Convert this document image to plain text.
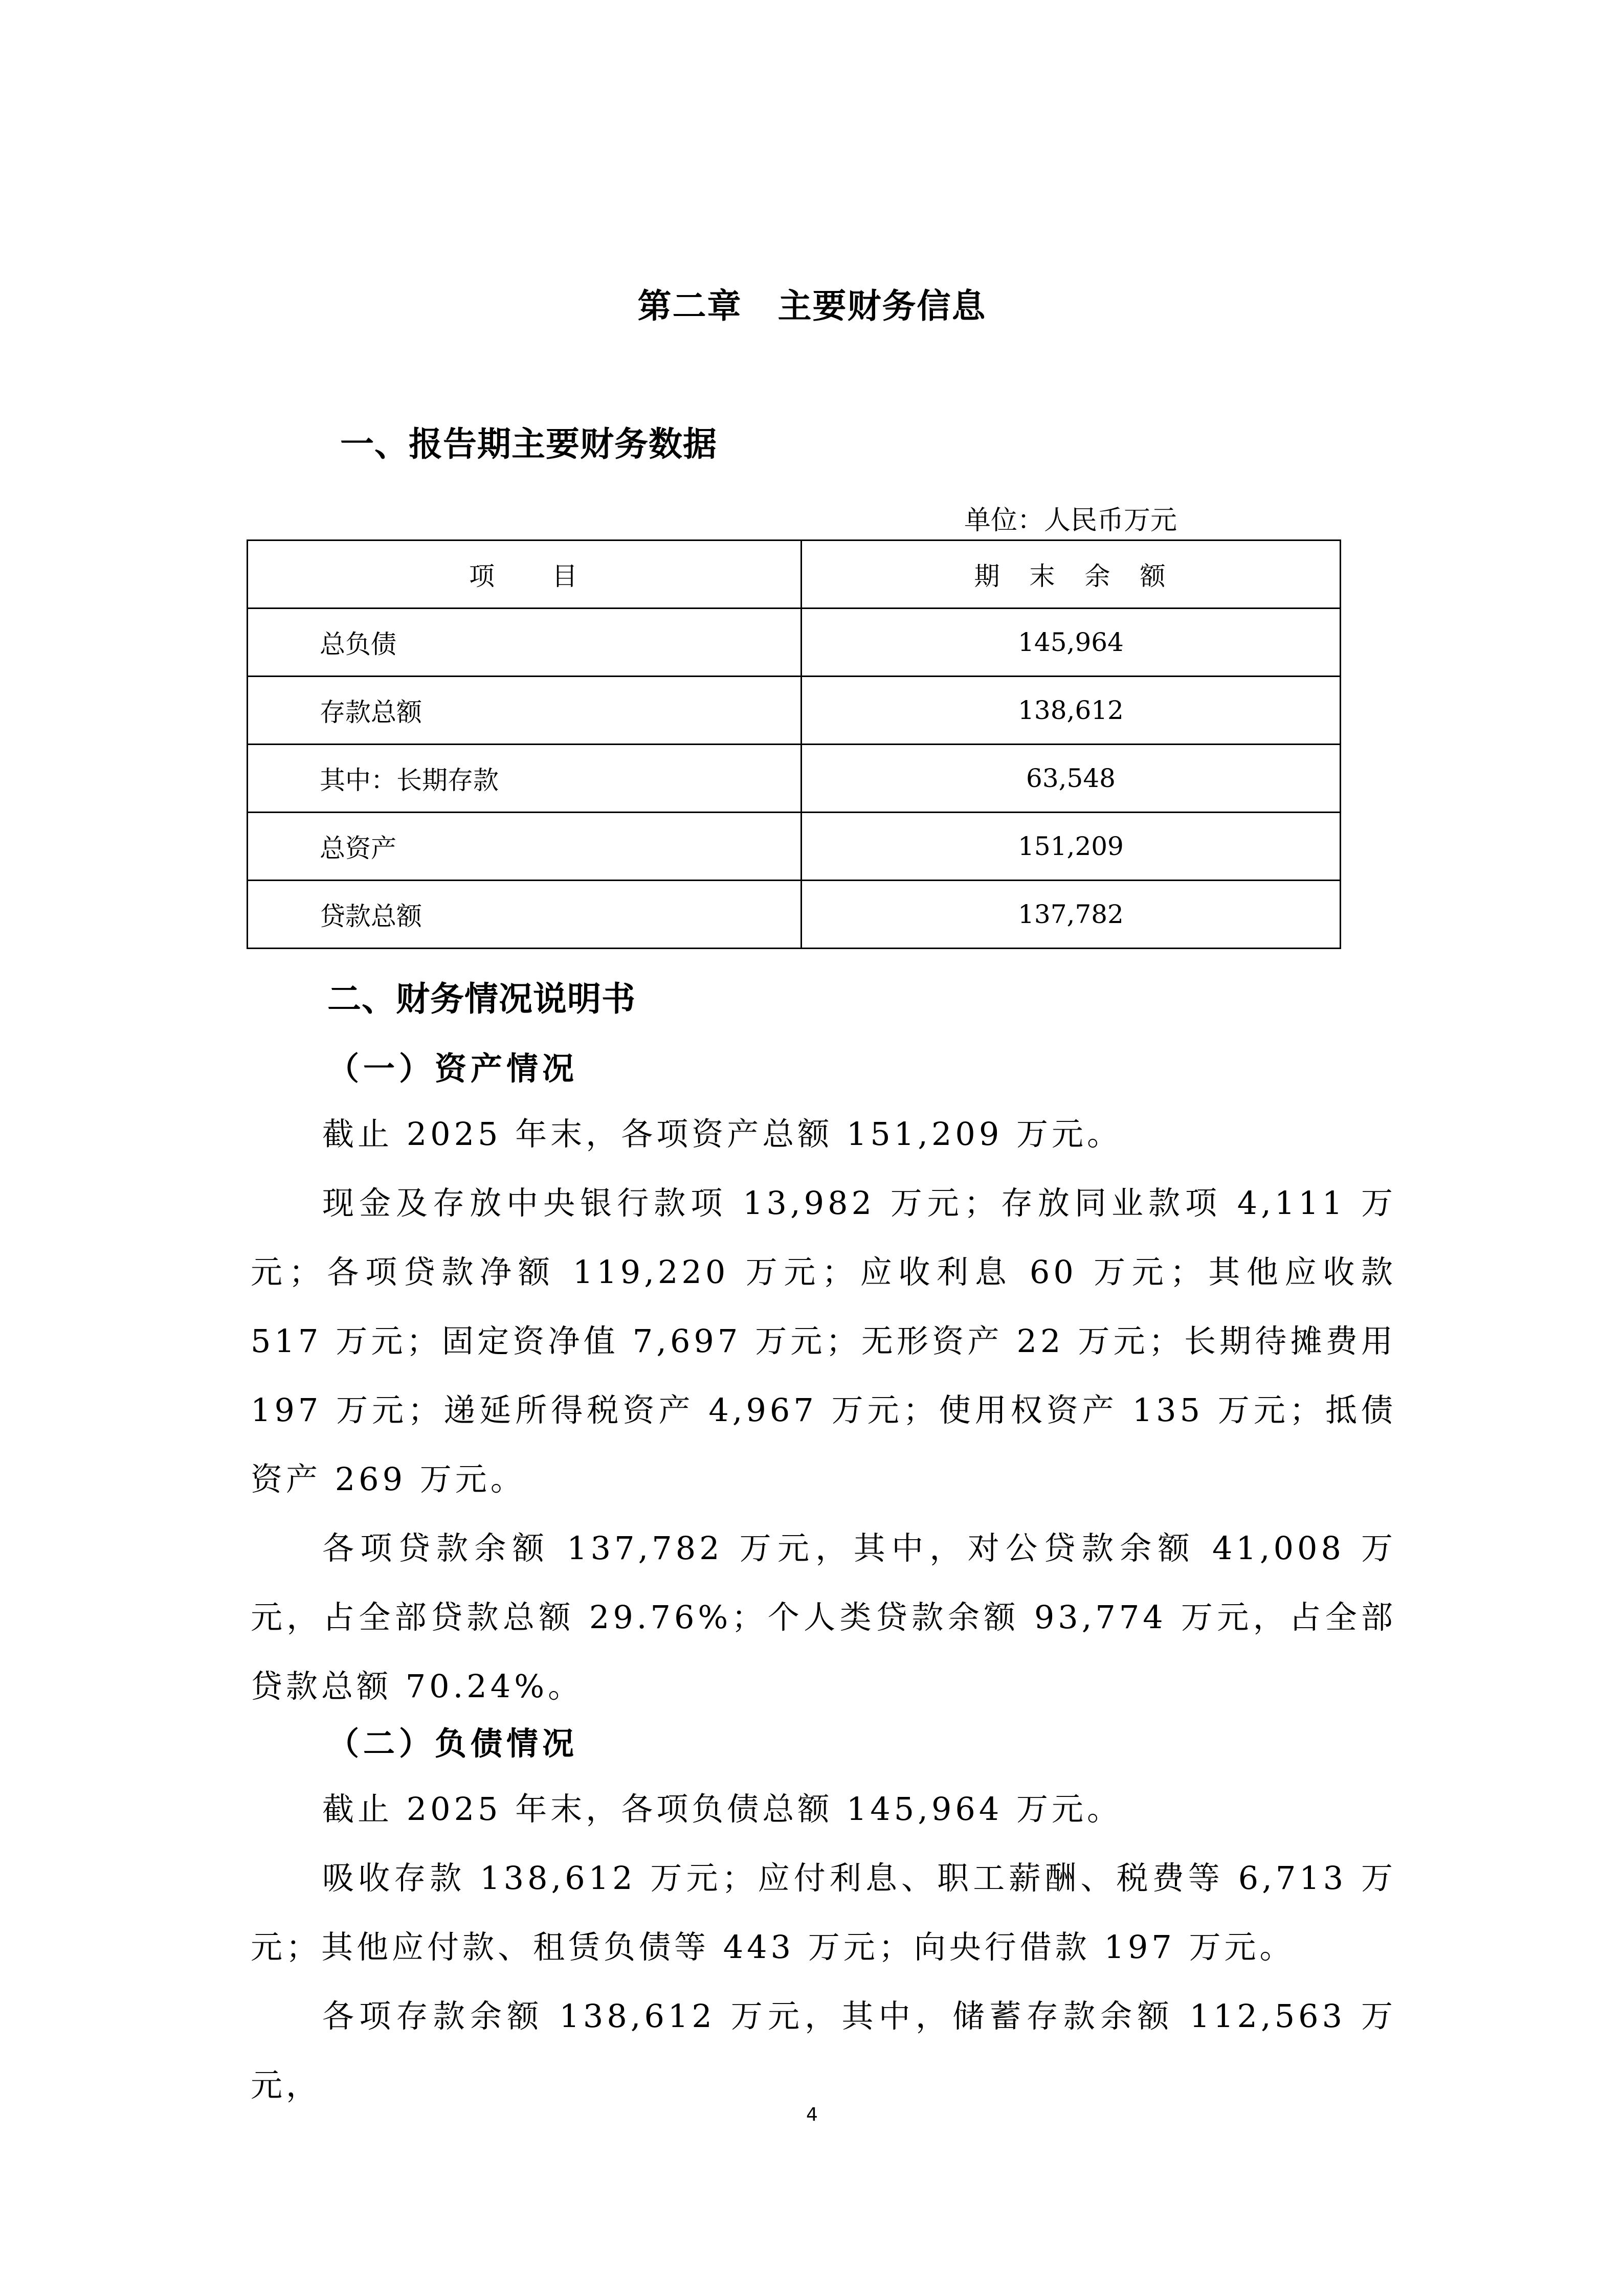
第二章 主要财务信息
一、报告期主要财务数据
单位：人民币万元
项　　目	期　末　余　额
总负债	145,964
存款总额	138,612
其中：长期存款	63,548
总资产	151,209
贷款总额	137,782
二、财务情况说明书
（一）资产情况

截止 2025 年末，各项资产总额 151,209 万元。

现金及存放中央银行款项 13,982 万元；存放同业款项 4,111 万元；各项贷款净额 119,220 万元；应收利息 60 万元；其他应收款 517 万元；固定资净值 7,697 万元；无形资产 22 万元；长期待摊费用 197 万元；递延所得税资产 4,967 万元；使用权资产 135 万元；抵债资产 269 万元。

各项贷款余额 137,782 万元，其中，对公贷款余额 41,008 万元，占全部贷款总额 29.76%；个人类贷款余额 93,774 万元，占全部贷款总额 70.24%。

（二）负债情况

截止 2025 年末，各项负债总额 145,964 万元。

吸收存款 138,612 万元；应付利息、职工薪酬、税费等 6,713 万元；其他应付款、租赁负债等 443 万元；向央行借款 197 万元。

各项存款余额 138,612 万元，其中，储蓄存款余额 112,563 万元，

4
